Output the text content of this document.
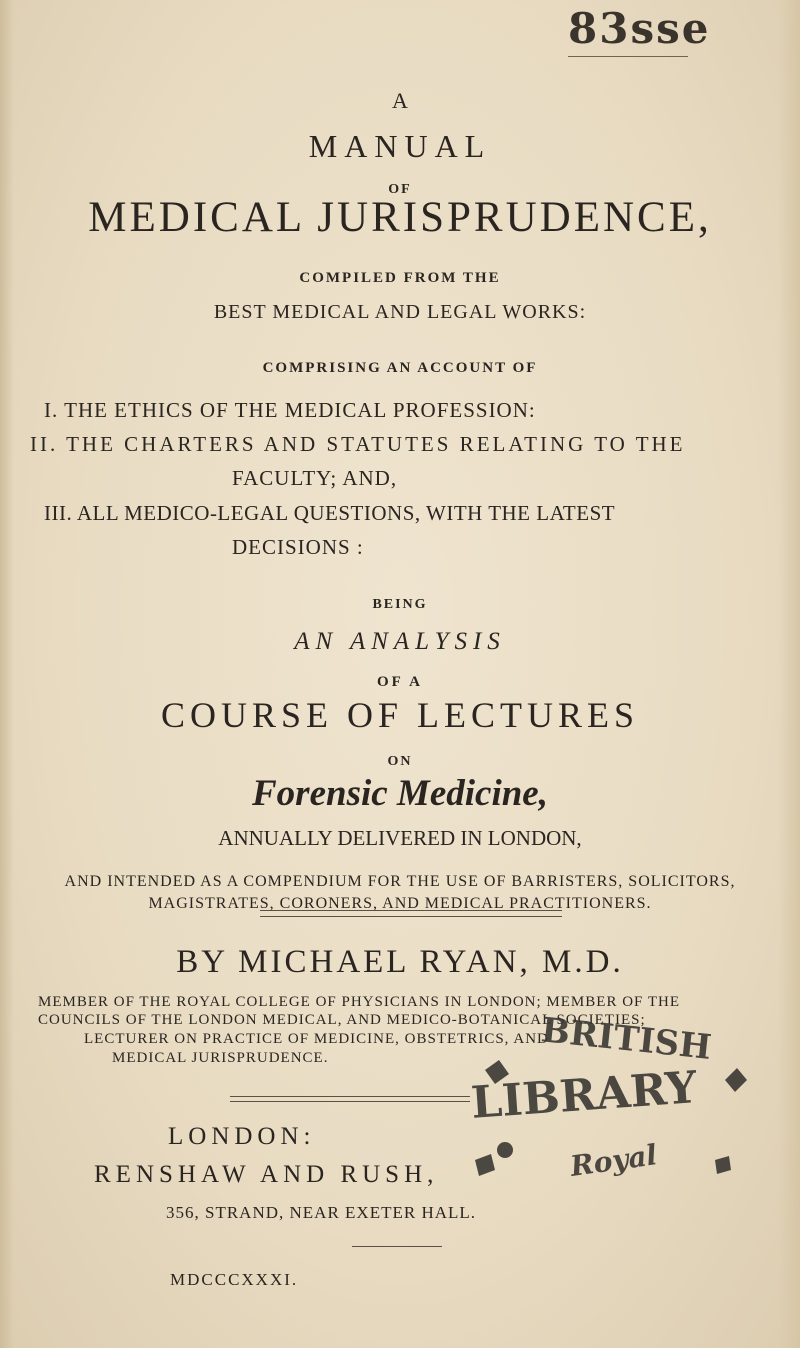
83sse
A
MANUAL
OF
MEDICAL JURISPRUDENCE,
COMPILED FROM THE
BEST MEDICAL AND LEGAL WORKS:
COMPRISING AN ACCOUNT OF
I. THE ETHICS OF THE MEDICAL PROFESSION:
II. THE CHARTERS AND STATUTES RELATING TO THE
FACULTY; AND,
III. ALL MEDICO-LEGAL QUESTIONS, WITH THE LATEST
DECISIONS :
BEING
AN ANALYSIS
OF A
COURSE OF LECTURES
ON
Forensic Medicine,
ANNUALLY DELIVERED IN LONDON,
AND INTENDED AS A COMPENDIUM FOR THE USE OF BARRISTERS, SOLICITORS,
MAGISTRATES, CORONERS, AND MEDICAL PRACTITIONERS.
BY MICHAEL RYAN, M.D.
MEMBER OF THE ROYAL COLLEGE OF PHYSICIANS IN LONDON; MEMBER OF THE
COUNCILS OF THE LONDON MEDICAL, AND MEDICO-BOTANICAL SOCIETIES;
LECTURER ON PRACTICE OF MEDICINE, OBSTETRICS, AND
MEDICAL JURISPRUDENCE.
LONDON:
RENSHAW AND RUSH,
356, STRAND, NEAR EXETER HALL.
MDCCCXXXI.
BRITISH
LIBRARY
Royal
